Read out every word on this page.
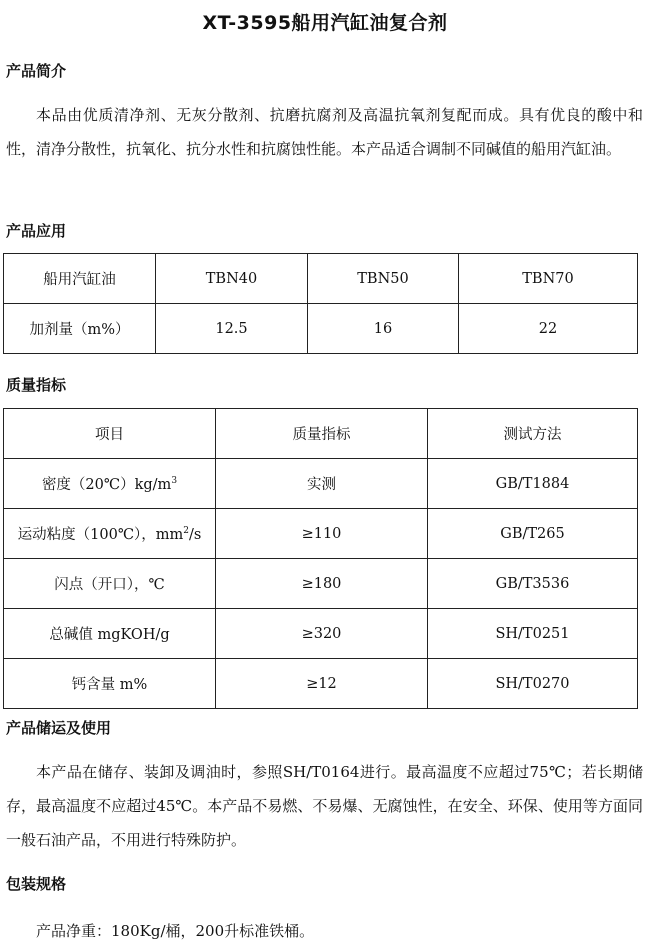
XT-3595船用汽缸油复合剂
产品简介

本品由优质清净剂、无灰分散剂、抗磨抗腐剂及高温抗氧剂复配而成。具有优良的酸中和性，清净分散性，抗氧化、抗分水性和抗腐蚀性能。本产品适合调制不同碱值的船用汽缸油。

产品应用
船用汽缸油	TBN40	TBN50	TBN70
加剂量（m%）	12.5	16	22
质量指标
项目	质量指标	测试方法
密度$(20℃)kg/m^3$	实测	GB/T1884
运动粘度（100℃），$mm^2/s$	≥110	GB/T265
闪点（开口），℃	≥180	GB/T3536
总碱值 mgKOH/g	≥320	SH/T0251
钙含量 m%	≥12	SH/T0270
产品储运及使用

本产品在储存、装卸及调油时，参照SH/T0164进行。最高温度不应超过75℃；若长期储存，最高温度不应超过45℃。本产品不易燃、不易爆、无腐蚀性，在安全、环保、使用等方面同一般石油产品，不用进行特殊防护。

包装规格

产品净重：180Kg/桶，200升标准铁桶。
